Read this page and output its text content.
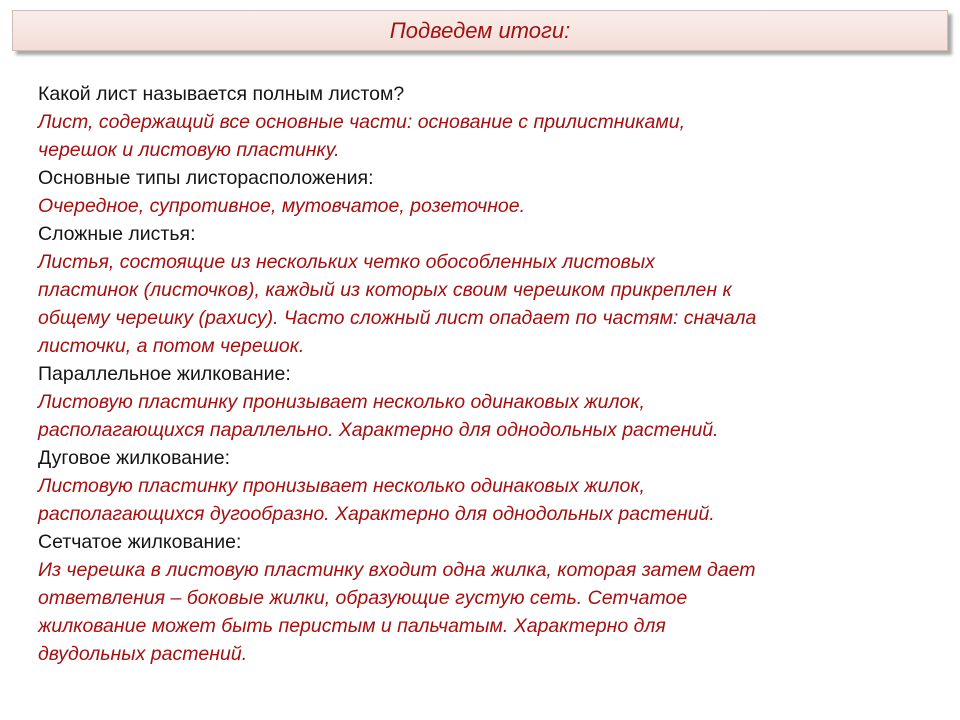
Подведем итоги:
Какой лист называется полным листом?
Лист, содержащий все основные части: основание с прилистниками,
черешок и листовую пластинку.
Основные типы листорасположения:
Очередное, супротивное, мутовчатое, розеточное.
Сложные листья:
Листья, состоящие из нескольких четко обособленных листовых
пластинок (листочков), каждый из которых своим черешком прикреплен к
общему черешку (рахису). Часто сложный лист опадает по частям: сначала
листочки, а потом черешок.
Параллельное жилкование:
Листовую пластинку пронизывает несколько одинаковых жилок,
располагающихся параллельно. Характерно для однодольных растений.
Дуговое жилкование:
Листовую пластинку пронизывает несколько одинаковых жилок,
располагающихся дугообразно. Характерно для однодольных растений.
Сетчатое жилкование:
Из черешка в листовую пластинку входит одна жилка, которая затем дает
ответвления – боковые жилки, образующие густую сеть. Сетчатое
жилкование может быть перистым и пальчатым. Характерно для
двудольных растений.
